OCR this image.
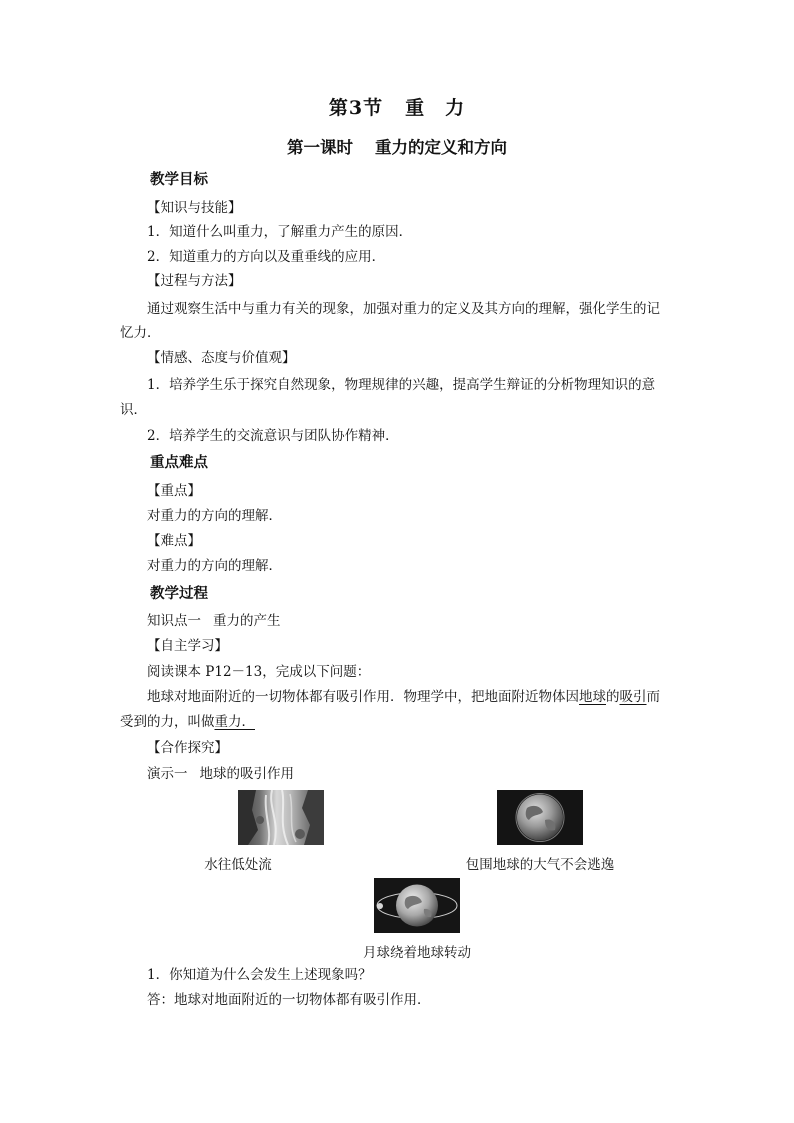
第3节 重　力
第一课时 重力的定义和方向
教学目标
【知识与技能】
1．知道什么叫重力，了解重力产生的原因．
2．知道重力的方向以及重垂线的应用．
【过程与方法】
通过观察生活中与重力有关的现象，加强对重力的定义及其方向的理解，强化学生的记
忆力．
【情感、态度与价值观】
1．培养学生乐于探究自然现象，物理规律的兴趣，提高学生辩证的分析物理知识的意
识．
2．培养学生的交流意识与团队协作精神．
重点难点
【重点】
对重力的方向的理解．
【难点】
对重力的方向的理解．
教学过程
知识点一 重力的产生
【自主学习】
阅读课本 P12－13，完成以下问题：
地球对地面附近的一切物体都有吸引作用．物理学中，把地面附近物体因地球的吸引而
受到的力，叫做重力．
【合作探究】
演示一 地球的吸引作用
水往低处流	包围地球的大气不会逃逸
月球绕着地球转动
1．你知道为什么会发生上述现象吗？
答：地球对地面附近的一切物体都有吸引作用．
